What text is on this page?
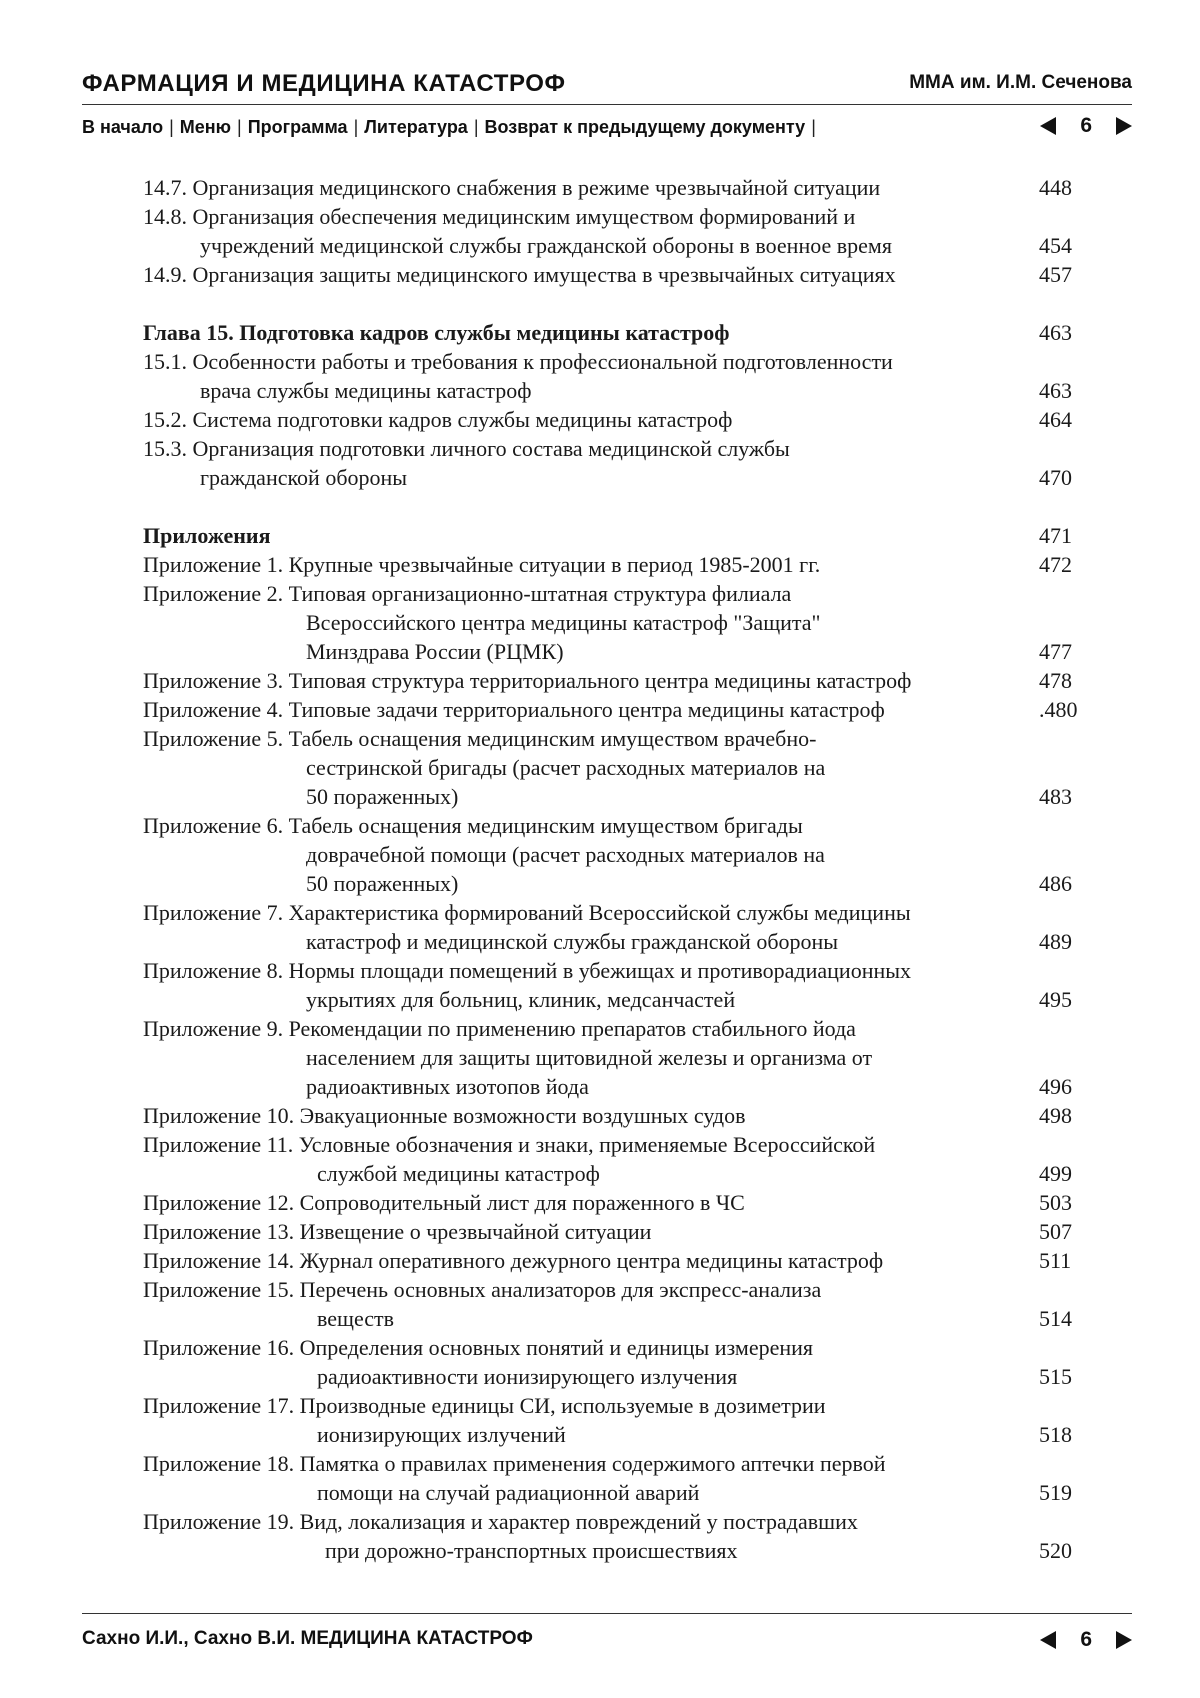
ФАРМАЦИЯ И МЕДИЦИНА КАТАСТРОФ	ММА им. И.М. Сеченова
В начало | Меню | Программа | Литература | Возврат к предыдущему документу |	6
14.7. Организация медицинского снабжения в режиме чрезвычайной ситуации	448
14.8. Организация обеспечения медицинским имуществом формирований и
учреждений медицинской службы гражданской обороны в военное время	454
14.9. Организация защиты медицинского имущества в чрезвычайных ситуациях	457
Глава 15. Подготовка кадров службы медицины катастроф	463
15.1. Особенности работы и требования к профессиональной подготовленности
врача службы медицины катастроф	463
15.2. Система подготовки кадров службы медицины катастроф	464
15.3. Организация подготовки личного состава медицинской службы
гражданской обороны	470
Приложения	471
Приложение 1. Крупные чрезвычайные ситуации в период 1985-2001 гг.	472
Приложение 2. Типовая организационно-штатная структура филиала
Всероссийского центра медицины катастроф "Защита"
Минздрава России (РЦМК)	477
Приложение 3. Типовая структура территориального центра медицины катастроф	478
Приложение 4. Типовые задачи территориального центра медицины катастроф	.480
Приложение 5. Табель оснащения медицинским имуществом врачебно-
сестринской бригады (расчет расходных материалов на
50 пораженных)	483
Приложение 6. Табель оснащения медицинским имуществом бригады
доврачебной помощи (расчет расходных материалов на
50 пораженных)	486
Приложение 7. Характеристика формирований Всероссийской службы медицины
катастроф и медицинской службы гражданской обороны	489
Приложение 8. Нормы площади помещений в убежищах и противорадиационных
укрытиях для больниц, клиник, медсанчастей	495
Приложение 9. Рекомендации по применению препаратов стабильного йода
населением для защиты щитовидной железы и организма от
радиоактивных изотопов йода	496
Приложение 10. Эвакуационные возможности воздушных судов	498
Приложение 11. Условные обозначения и знаки, применяемые Всероссийской
службой медицины катастроф	499
Приложение 12. Сопроводительный лист для пораженного в ЧС	503
Приложение 13. Извещение о чрезвычайной ситуации	507
Приложение 14. Журнал оперативного дежурного центра медицины катастроф	511
Приложение 15. Перечень основных анализаторов для экспресс-анализа
веществ	514
Приложение 16. Определения основных понятий и единицы измерения
радиоактивности ионизирующего излучения	515
Приложение 17. Производные единицы СИ, используемые в дозиметрии
ионизирующих излучений	518
Приложение 18. Памятка о правилах применения содержимого аптечки первой
помощи на случай радиационной аварий	519
Приложение 19. Вид, локализация и характер повреждений у пострадавших
при дорожно-транспортных происшествиях	520
Сахно И.И., Сахно В.И. МЕДИЦИНА КАТАСТРОФ	6
